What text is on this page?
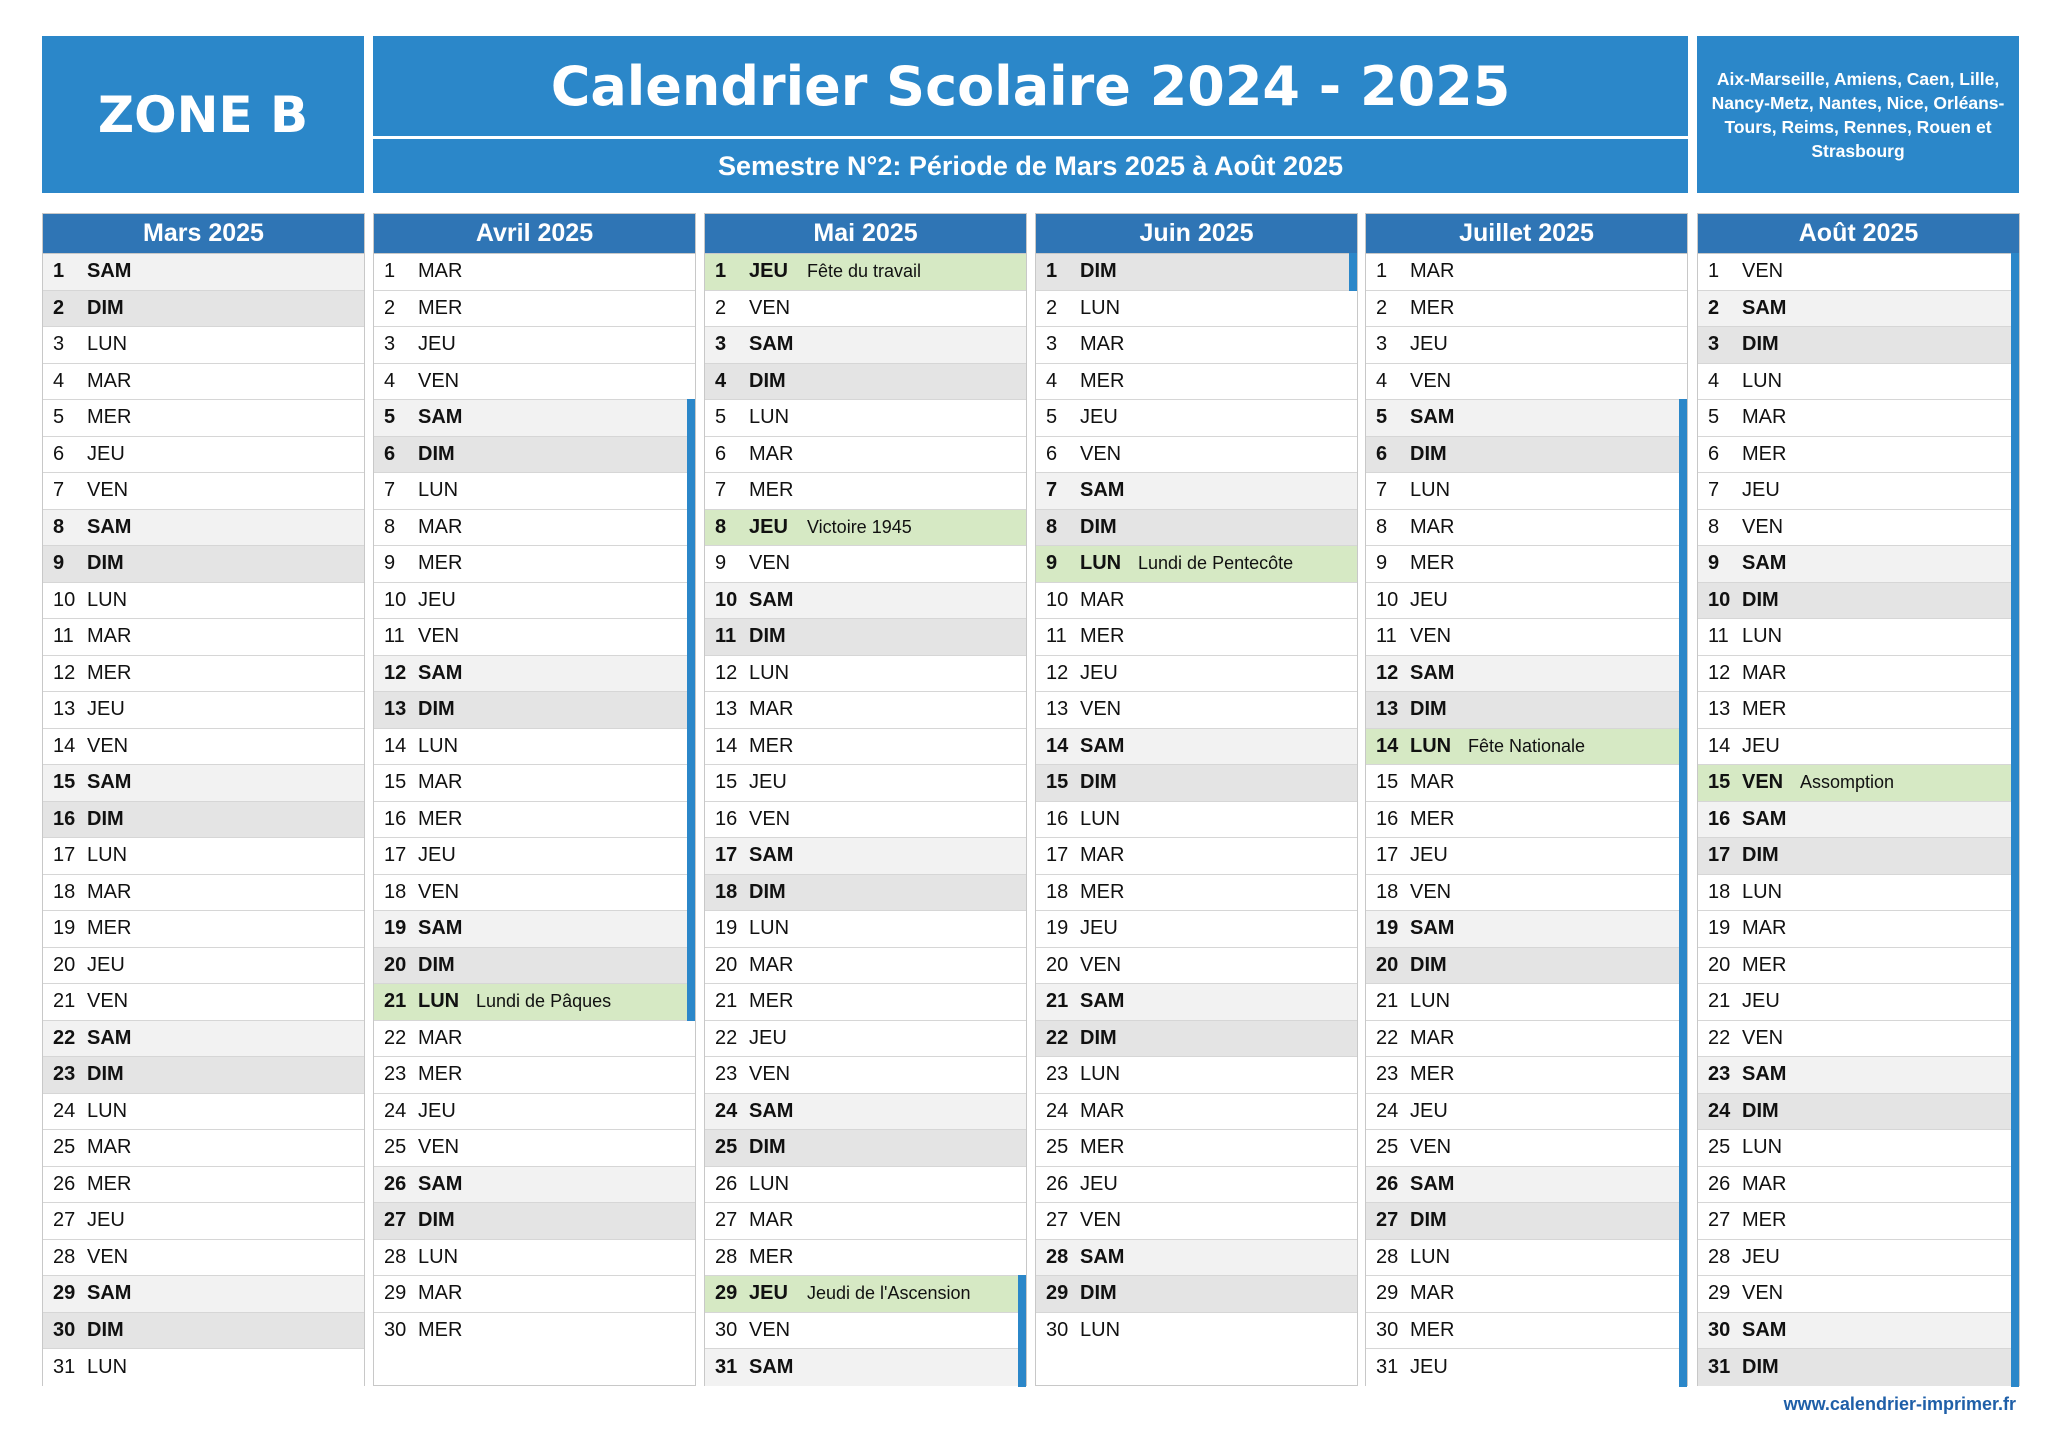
ZONE B	Calendrier Scolaire 2024 - 2025
Semestre N°2: Période de Mars 2025 à Août 2025
Aix-Marseille, Amiens, Caen, Lille, Nancy-Metz, Nantes, Nice, Orléans-Tours, Reims, Rennes, Rouen et Strasbourg
Mars 2025
1	SAM
2	DIM
3	LUN
4	MAR
5	MER
6	JEU
7	VEN
8	SAM
9	DIM
10 LUN
11 MAR
12 MER
13 JEU
14 VEN
15 SAM
16 DIM
17 LUN
18 MAR
19 MER
20 JEU
21 VEN
22 SAM
23 DIM
24 LUN
25 MAR
26 MER
27 JEU
28 VEN
29 SAM
30 DIM
31 LUN
Avril 2025
1	MAR
2	MER
3	JEU
4	VEN
5	SAM
6	DIM
7	LUN
8	MAR
9	MER
10 JEU
11 VEN
12 SAM
13 DIM
14 LUN
15 MAR
16 MER
17 JEU
18 VEN
19 SAM
20 DIM
21 LUN Lundi de Pâques
22 MAR
23 MER
24 JEU
25 VEN
26 SAM
27 DIM
28 LUN
29 MAR
30 MER
Mai 2025
1	JEU	Fête du travail
2	VEN
3	SAM
4	DIM
5	LUN
6	MAR
7	MER
8	JEU	Victoire 1945
9	VEN
10 SAM
11 DIM
12 LUN
13 MAR
14 MER
15 JEU
16 VEN
17 SAM
18 DIM
19 LUN
20 MAR
21 MER
22 JEU
23 VEN
24 SAM
25 DIM
26 LUN
27 MAR
28 MER
29 JEU	Jeudi de l'Ascension
30 VEN
31 SAM
Juin 2025
1	DIM
2	LUN
3	MAR
4	MER
5	JEU
6	VEN
7	SAM
8	DIM
9	LUN Lundi de Pentecôte
10 MAR
11 MER
12 JEU
13 VEN
14 SAM
15 DIM
16 LUN
17 MAR
18 MER
19 JEU
20 VEN
21 SAM
22 DIM
23 LUN
24 MAR
25 MER
26 JEU
27 VEN
28 SAM
29 DIM
30 LUN
Juillet 2025
1	MAR
2	MER
3	JEU
4	VEN
5	SAM
6	DIM
7	LUN
8	MAR
9	MER
10 JEU
11 VEN
12 SAM
13 DIM
14 LUN Fête Nationale
15 MAR
16 MER
17 JEU
18 VEN
19 SAM
20 DIM
21 LUN
22 MAR
23 MER
24 JEU
25 VEN
26 SAM
27 DIM
28 LUN
29 MAR
30 MER
31 JEU
Août 2025
1	VEN
2	SAM
3	DIM
4	LUN
5	MAR
6	MER
7	JEU
8	VEN
9	SAM
10 DIM
11 LUN
12 MAR
13 MER
14 JEU
15 VEN Assomption
16 SAM
17 DIM
18 LUN
19 MAR
20 MER
21 JEU
22 VEN
23 SAM
24 DIM
25 LUN
26 MAR
27 MER
28 JEU
29 VEN
30 SAM
31 DIM
www.calendrier-imprimer.fr
